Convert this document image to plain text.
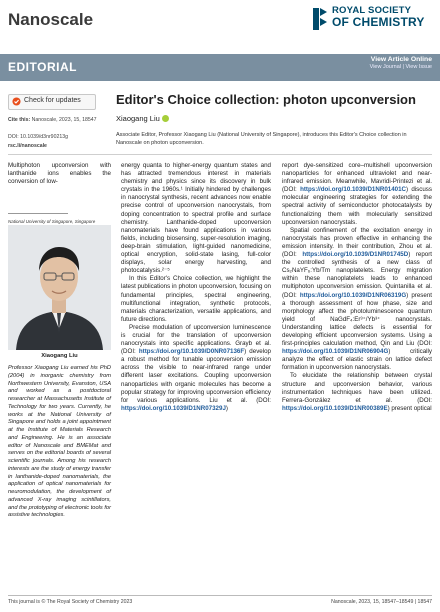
Nanoscale	ROYAL SOCIETY
OF CHEMISTRY
EDITORIAL
View Article Online
View Journal | View Issue
Check for updates
Cite this: Nanoscale, 2023, 15, 18547
DOI: 10.1039/d3nr90213g
rsc.li/nanoscale
Editor's Choice collection: photon upconversion
Xiaogang Liu
Associate Editor, Professor Xiaogang Liu (National University of Singapore), introduces this Editor's Choice collection in Nanoscale on photon upconversion.

Multiphoton upconversion with lanthanide ions enables the conversion of low-

National University of Singapore, Singapore
Xiaogang Liu
Professor Xiaogang Liu earned his PhD (2004) in inorganic chemistry from Northwestern University, Evanston, USA and worked as a postdoctoral researcher at Massachusetts Institute of Technology for two years. Currently, he works at the National University of Singapore and holds a joint appointment at the Institute of Materials Research and Engineering. He is an associate editor of Nanoscale and BMEMat and serves on the editorial boards of several scientific journals. Among his research interests are the study of energy transfer in lanthanide-doped nanomaterials, the application of optical nanomaterials for neuromodulation, the development of advanced X-ray imaging scintillators, and the prototyping of electronic tools for assistive technologies.

energy quanta to higher-energy quantum states and has attracted tremendous interest in materials chemistry and physics since its discovery in bulk crystals in the 1960s.¹ Initially hindered by challenges in nanocrystal synthesis, recent advances now enable precise control of upconversion nanocrystals, from doping concentration to spectral profile and surface chemistry. Lanthanide-doped upconversion nanomaterials have found applications in various fields, including biosensing, super-resolution imaging, deep-brain stimulation, light-guided nanomedicine, optical encryption, solid-state lasing, full-color displays, solar energy harvesting, and photocatalysis.²⁻⁵

In this Editor's Choice collection, we highlight the latest publications in photon upconversion, focusing on fundamental principles, spectral engineering, multifunctional integration, synthetic protocols, materials characterization, versatile applications, and future directions.

Precise modulation of upconversion luminescence is crucial for the translation of upconversion nanocrystals into specific applications. Grayb et al. (DOI: https://doi.org/10.1039/D0NR07136F) develop a robust method for tunable upconversion emission across the visible to near-infrared range under different laser excitations. Coupling upconversion nanoparticles with organic molecules has become a popular strategy for improving upconversion efficiency for various applications. Liu et al. (DOI: https://doi.org/10.1039/D1NR07329J)

report dye-sensitized core–multishell upconversion nanoparticles for enhanced ultraviolet and near-infrared emission. Meanwhile, Mavridi-Printezi et al. (DOI: https://doi.org/10.1039/D1NR01401C) discuss molecular engineering strategies for extending the spectral activity of semiconductor photocatalysts by functionalizing them with molecularly sensitized upconversion nanocrystals.

Spatial confinement of the excitation energy in nanocrystals has proven effective in enhancing the emission intensity. In their contribution, Zhou et al. (DOI: https://doi.org/10.1039/D1NR01745D) report the controlled synthesis of a new class of Cs₂NaYF₆:Yb/Tm nanoplatelets. Energy migration within these nanoplatelets leads to enhanced multiphoton upconversion emission. Quintanilla et al. (DOI: https://doi.org/10.1039/D1NR06319G) present a thorough assessment of how phase, size and morphology affect the photoluminescence quantum yield of NaGdF₄:Er³⁺/Yb³⁺ nanocrystals. Understanding lattice defects is essential for developing efficient upconversion systems. Using a first-principles calculation method, Qin and Liu (DOI: https://doi.org/10.1039/D1NR06904G) critically analyze the effect of elastic strain on lattice defect formation in upconversion nanocrystals.

To elucidate the relationship between crystal structure and upconversion behavior, various instrumentation techniques have been utilized. Ferrera-González et al. (DOI: https://doi.org/10.1039/D1NR00389E) present optical

This journal is © The Royal Society of Chemistry 2023	Nanoscale, 2023, 15, 18547–18549 | 18547
